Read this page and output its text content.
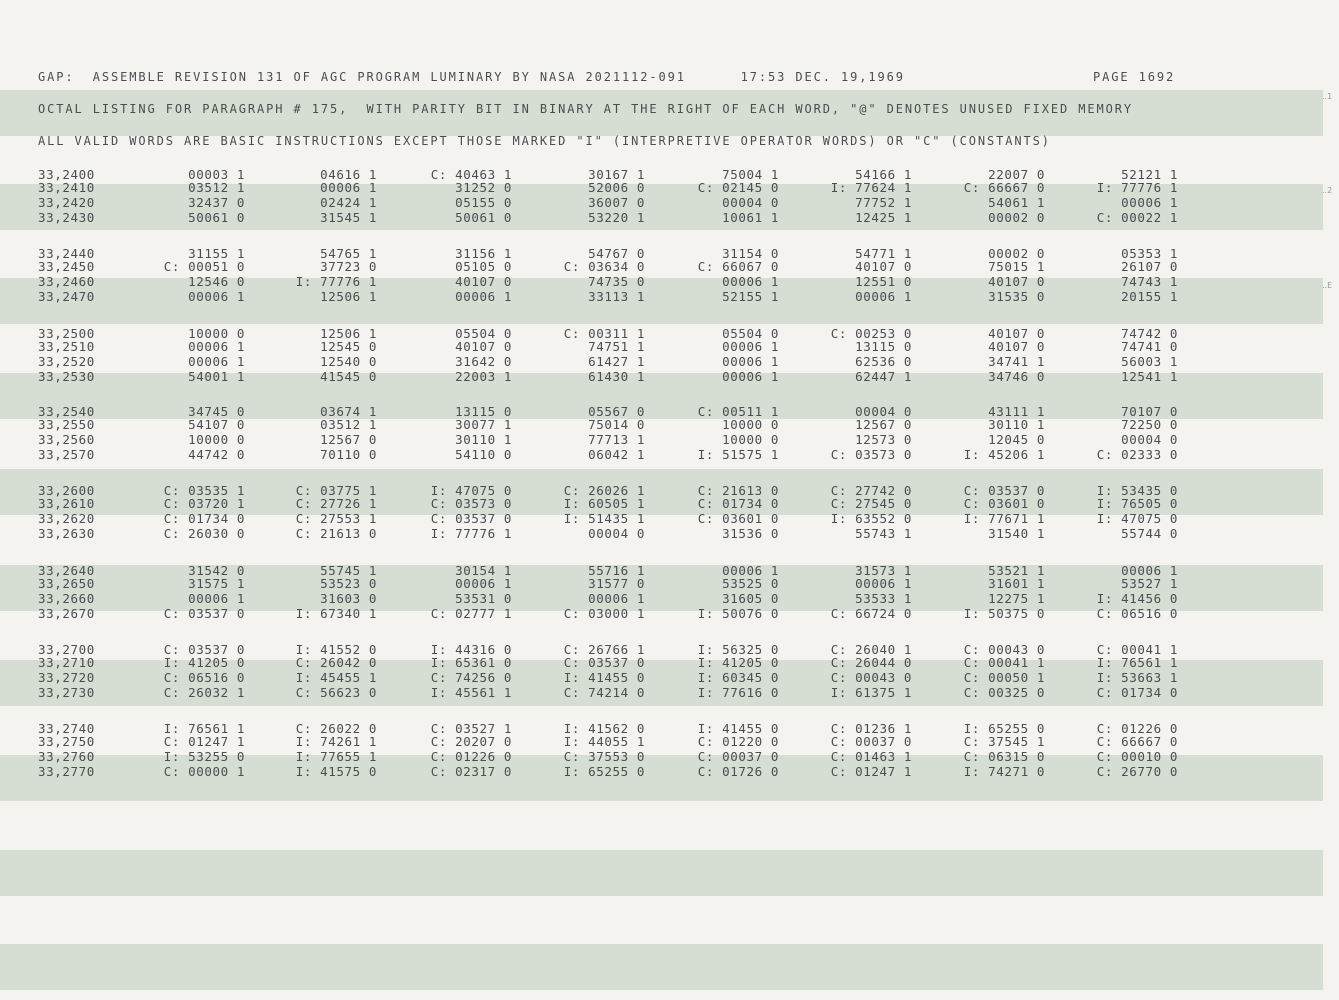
..1
..2
..E
GAP:  ASSEMBLE REVISION 131 OF AGC PROGRAM LUMINARY BY NASA 2021112-091      17:53 DEC. 19,1969	PAGE 1692
OCTAL LISTING FOR PARAGRAPH # 175,  WITH PARITY BIT IN BINARY AT THE RIGHT OF EACH WORD, "@" DENOTES UNUSED FIXED MEMORY
ALL VALID WORDS ARE BASIC INSTRUCTIONS EXCEPT THOSE MARKED "I" (INTERPRETIVE OPERATOR WORDS) OR "C" (CONSTANTS)
33,2400	00003 1	04616 1	C: 40463 1	30167 1	75004 1	54166 1	22007 0	52121 1
33,2410	03512 1	00006 1	31252 0	52006 0	C: 02145 0	I: 77624 1	C: 66667 0	I: 77776 1
33,2420	32437 0	02424 1	05155 0	36007 0	00004 0	77752 1	54061 1	00006 1
33,2430	50061 0	31545 1	50061 0	53220 1	10061 1	12425 1	00002 0	C: 00022 1
33,2440	31155 1	54765 1	31156 1	54767 0	31154 0	54771 1	00002 0	05353 1
33,2450	C: 00051 0	37723 0	05105 0	C: 03634 0	C: 66067 0	40107 0	75015 1	26107 0
33,2460	12546 0	I: 77776 1	40107 0	74735 0	00006 1	12551 0	40107 0	74743 1
33,2470	00006 1	12506 1	00006 1	33113 1	52155 1	00006 1	31535 0	20155 1
33,2500	10000 0	12506 1	05504 0	C: 00311 1	05504 0	C: 00253 0	40107 0	74742 0
33,2510	00006 1	12545 0	40107 0	74751 1	00006 1	13115 0	40107 0	74741 0
33,2520	00006 1	12540 0	31642 0	61427 1	00006 1	62536 0	34741 1	56003 1
33,2530	54001 1	41545 0	22003 1	61430 1	00006 1	62447 1	34746 0	12541 1
33,2540	34745 0	03674 1	13115 0	05567 0	C: 00511 1	00004 0	43111 1	70107 0
33,2550	54107 0	03512 1	30077 1	75014 0	10000 0	12567 0	30110 1	72250 0
33,2560	10000 0	12567 0	30110 1	77713 1	10000 0	12573 0	12045 0	00004 0
33,2570	44742 0	70110 0	54110 0	06042 1	I: 51575 1	C: 03573 0	I: 45206 1	C: 02333 0
33,2600	C: 03535 1	C: 03775 1	I: 47075 0	C: 26026 1	C: 21613 0	C: 27742 0	C: 03537 0	I: 53435 0
33,2610	C: 03720 1	C: 27726 1	C: 03573 0	I: 60505 1	C: 01734 0	C: 27545 0	C: 03601 0	I: 76505 0
33,2620	C: 01734 0	C: 27553 1	C: 03537 0	I: 51435 1	C: 03601 0	I: 63552 0	I: 77671 1	I: 47075 0
33,2630	C: 26030 0	C: 21613 0	I: 77776 1	00004 0	31536 0	55743 1	31540 1	55744 0
33,2640	31542 0	55745 1	30154 1	55716 1	00006 1	31573 1	53521 1	00006 1
33,2650	31575 1	53523 0	00006 1	31577 0	53525 0	00006 1	31601 1	53527 1
33,2660	00006 1	31603 0	53531 0	00006 1	31605 0	53533 1	12275 1	I: 41456 0
33,2670	C: 03537 0	I: 67340 1	C: 02777 1	C: 03000 1	I: 50076 0	C: 66724 0	I: 50375 0	C: 06516 0
33,2700	C: 03537 0	I: 41552 0	I: 44316 0	C: 26766 1	I: 56325 0	C: 26040 1	C: 00043 0	C: 00041 1
33,2710	I: 41205 0	C: 26042 0	I: 65361 0	C: 03537 0	I: 41205 0	C: 26044 0	C: 00041 1	I: 76561 1
33,2720	C: 06516 0	I: 45455 1	C: 74256 0	I: 41455 0	I: 60345 0	C: 00043 0	C: 00050 1	I: 53663 1
33,2730	C: 26032 1	C: 56623 0	I: 45561 1	C: 74214 0	I: 77616 0	I: 61375 1	C: 00325 0	C: 01734 0
33,2740	I: 76561 1	C: 26022 0	C: 03527 1	I: 41562 0	I: 41455 0	C: 01236 1	I: 65255 0	C: 01226 0
33,2750	C: 01247 1	I: 74261 1	C: 20207 0	I: 44055 1	C: 01220 0	C: 00037 0	C: 37545 1	C: 66667 0
33,2760	I: 53255 0	I: 77655 1	C: 01226 0	C: 37553 0	C: 00037 0	C: 01463 1	C: 06315 0	C: 00010 0
33,2770	C: 00000 1	I: 41575 0	C: 02317 0	I: 65255 0	C: 01726 0	C: 01247 1	I: 74271 0	C: 26770 0
